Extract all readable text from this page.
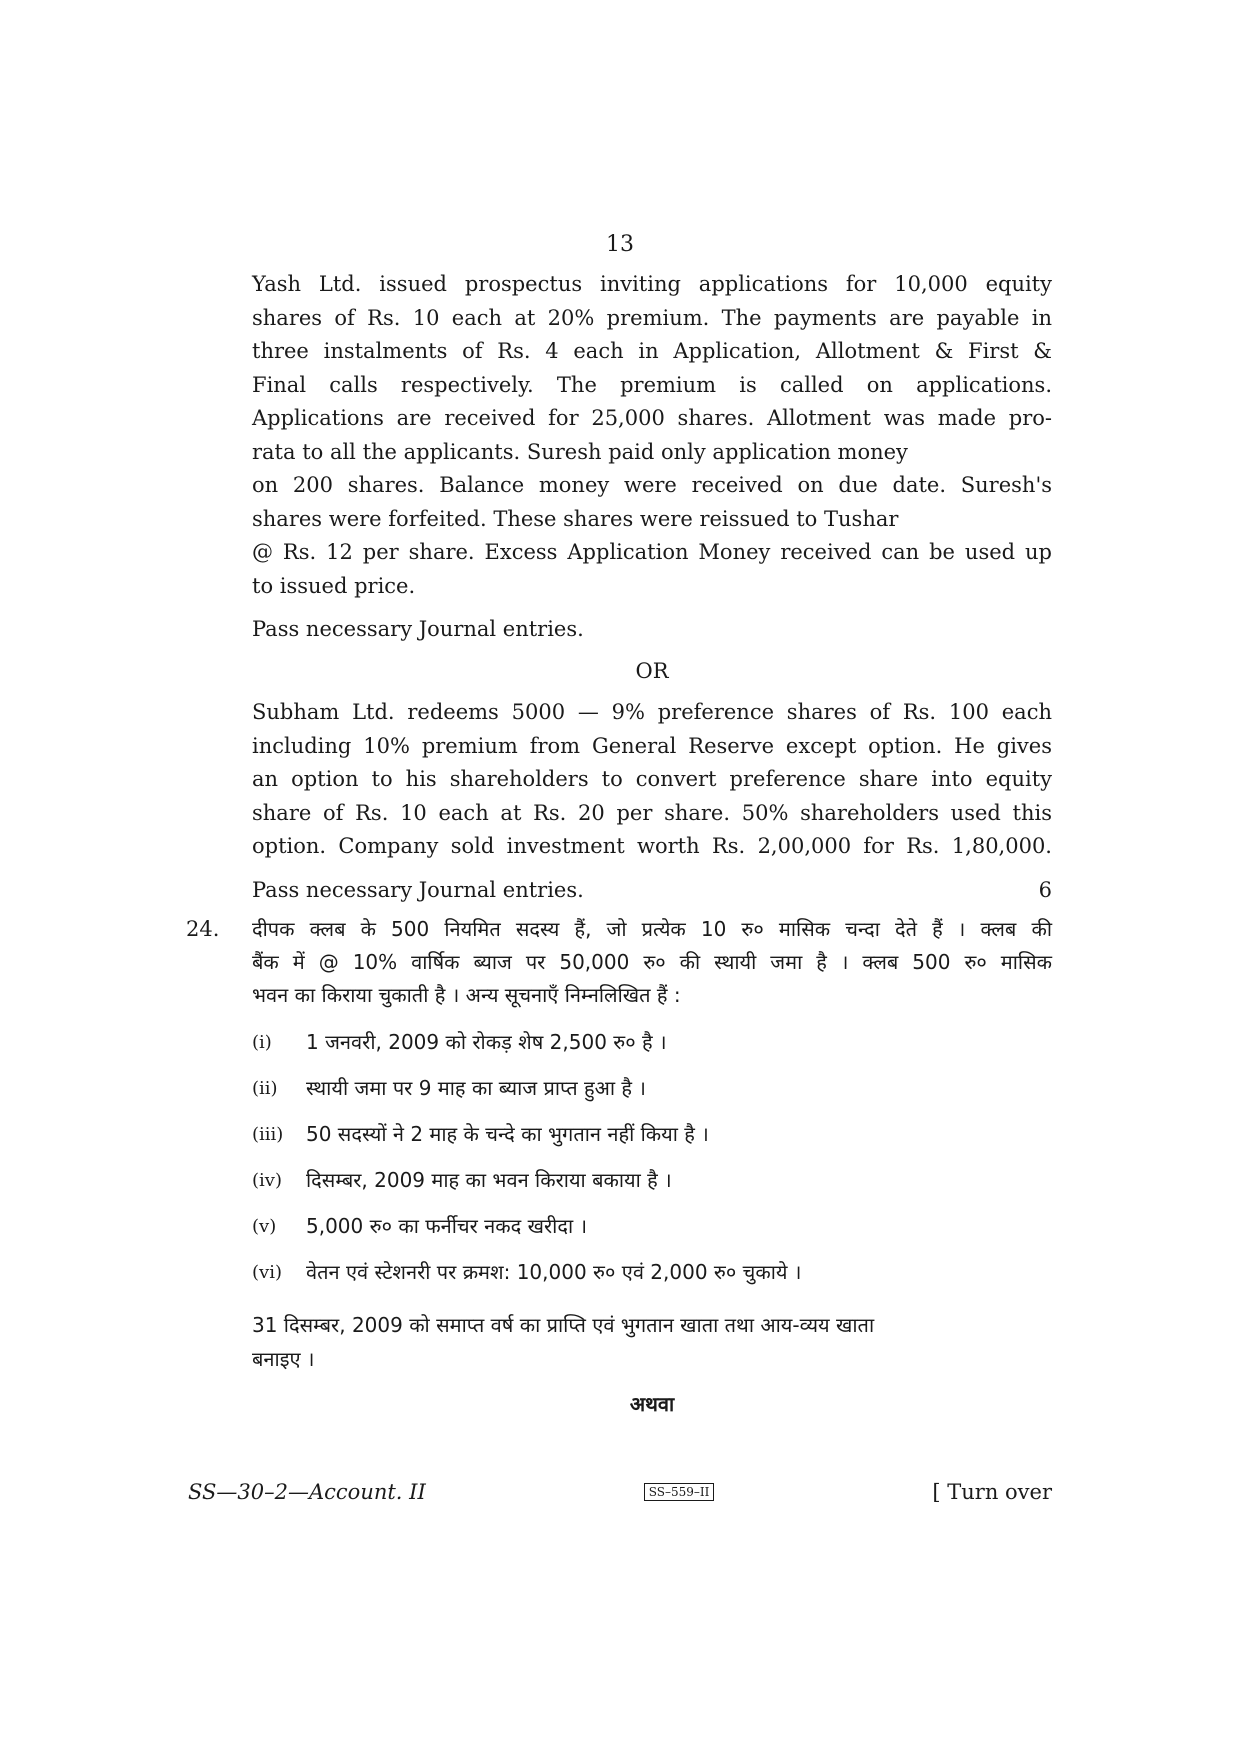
13
Yash Ltd. issued prospectus inviting applications for 10,000 equity
shares of Rs. 10 each at 20% premium. The payments are payable in
three instalments of Rs. 4 each in Application, Allotment & First &
Final calls respectively. The premium is called on applications.
Applications are received for 25,000 shares. Allotment was made pro-
rata to all the applicants. Suresh paid only application money
on 200 shares. Balance money were received on due date. Suresh's
shares were forfeited. These shares were reissued to Tushar
@ Rs. 12 per share. Excess Application Money received can be used up
to issued price.
Pass necessary Journal entries.
OR
Subham Ltd. redeems 5000 — 9% preference shares of Rs. 100 each
including 10% premium from General Reserve except option. He gives
an option to his shareholders to convert preference share into equity
share of Rs. 10 each at Rs. 20 per share. 50% shareholders used this
option. Company sold investment worth Rs. 2,00,000 for Rs. 1,80,000.
Pass necessary Journal entries.	6
24. दीपक क्लब के 500 नियमित सदस्य हैं, जो प्रत्येक 10 रु० मासिक चन्दा देते हैं । क्लब की
बैंक में @ 10% वार्षिक ब्याज पर 50,000 रु० की स्थायी जमा है । क्लब 500 रु० मासिक
भवन का किराया चुकाती है । अन्य सूचनाएँ निम्नलिखित हैं :
(i)	1 जनवरी, 2009 को रोकड़ शेष 2,500 रु० है ।
(ii)	स्थायी जमा पर 9 माह का ब्याज प्राप्त हुआ है ।
(iii)	50 सदस्यों ने 2 माह के चन्दे का भुगतान नहीं किया है ।
(iv)	दिसम्बर, 2009 माह का भवन किराया बकाया है ।
(v)	5,000 रु० का फर्नीचर नकद खरीदा ।
(vi)	वेतन एवं स्टेशनरी पर क्रमश: 10,000 रु० एवं 2,000 रु० चुकाये ।
31 दिसम्बर, 2009 को समाप्त वर्ष का प्राप्ति एवं भुगतान खाता तथा आय-व्यय खाता
बनाइए ।
अथवा
SS—30–2—Account. II	SS–559–II	[ Turn over
